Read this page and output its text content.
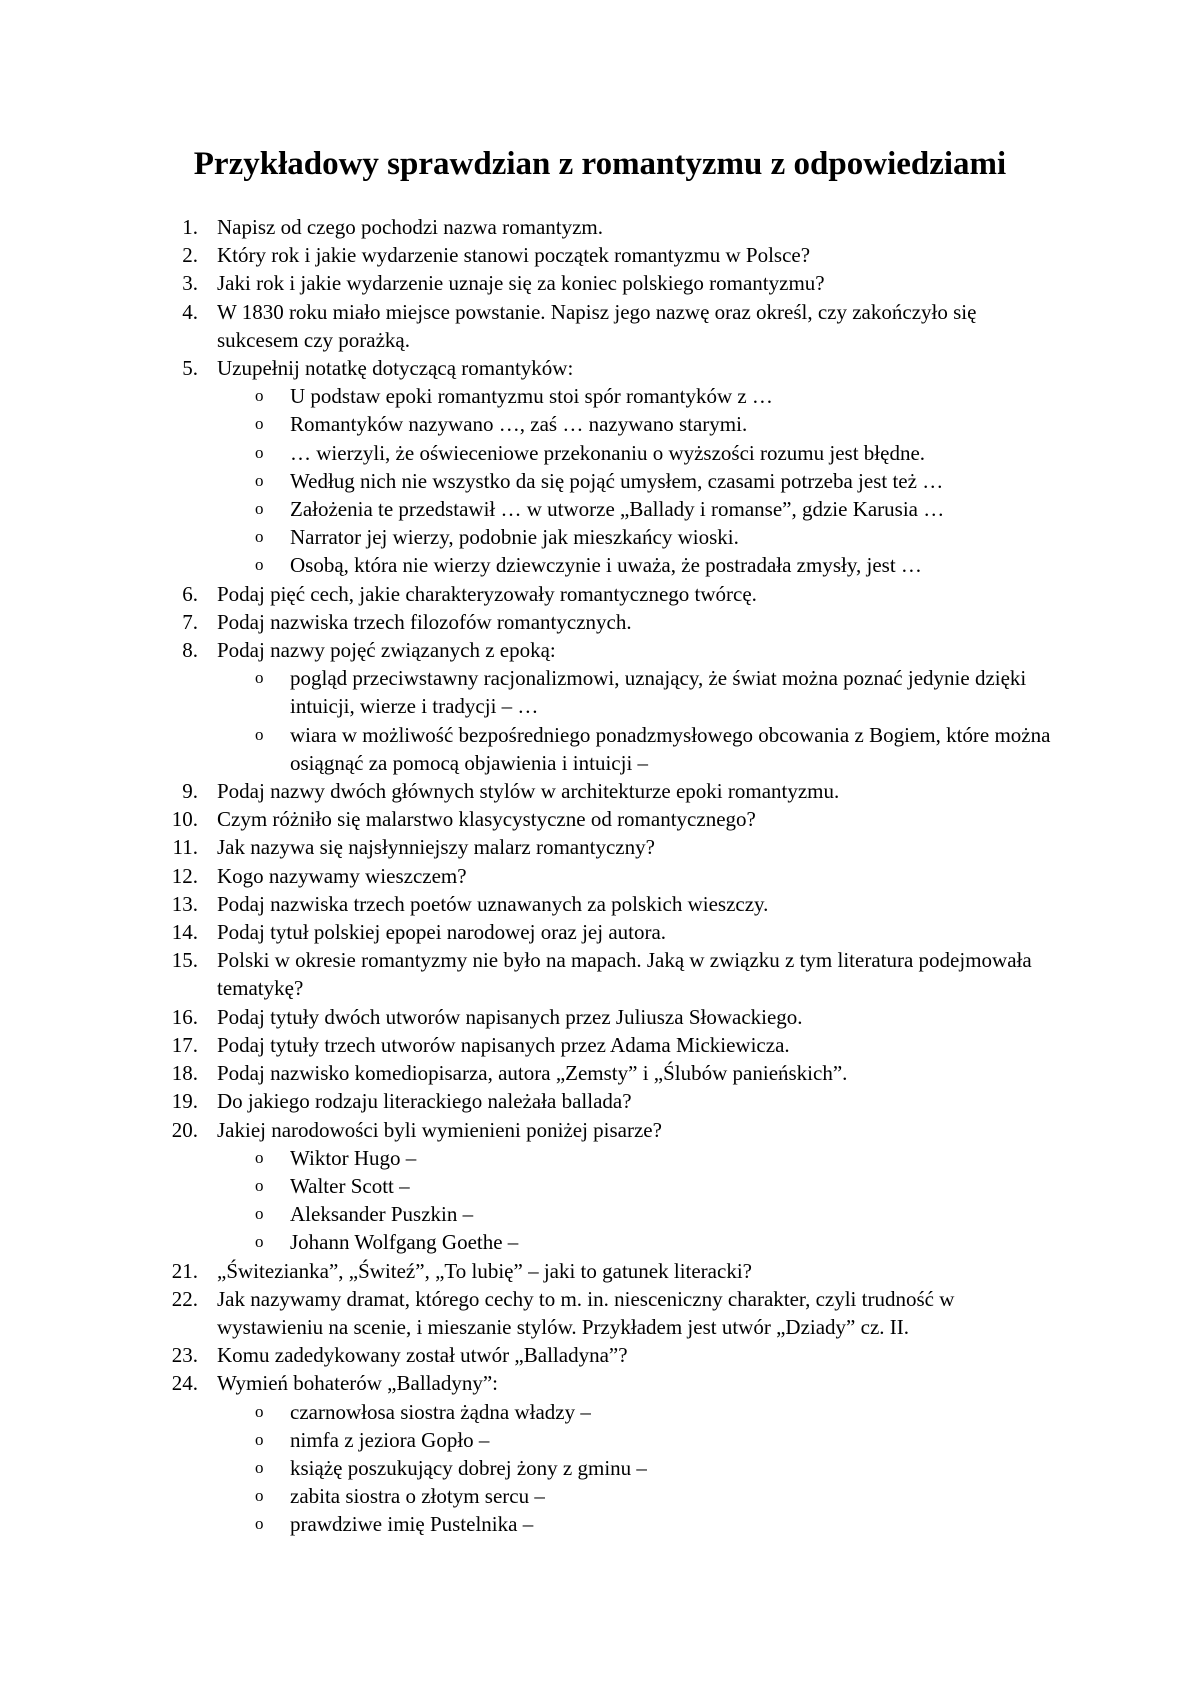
Przykładowy sprawdzian z romantyzmu z odpowiedziami
1. Napisz od czego pochodzi nazwa romantyzm.
2. Który rok i jakie wydarzenie stanowi początek romantyzmu w Polsce?
3. Jaki rok i jakie wydarzenie uznaje się za koniec polskiego romantyzmu?
4. W 1830 roku miało miejsce powstanie. Napisz jego nazwę oraz określ, czy zakończyło się sukcesem czy porażką.
5. Uzupełnij notatkę dotyczącą romantyków:
o U podstaw epoki romantyzmu stoi spór romantyków z …
o Romantyków nazywano …, zaś … nazywano starymi.
o … wierzyli, że oświeceniowe przekonaniu o wyższości rozumu jest błędne.
o Według nich nie wszystko da się pojąć umysłem, czasami potrzeba jest też …
o Założenia te przedstawił … w utworze „Ballady i romanse”, gdzie Karusia …
o Narrator jej wierzy, podobnie jak mieszkańcy wioski.
o Osobą, która nie wierzy dziewczynie i uważa, że postradała zmysły, jest …
6. Podaj pięć cech, jakie charakteryzowały romantycznego twórcę.
7. Podaj nazwiska trzech filozofów romantycznych.
8. Podaj nazwy pojęć związanych z epoką:
o pogląd przeciwstawny racjonalizmowi, uznający, że świat można poznać jedynie dzięki intuicji, wierze i tradycji – …
o wiara w możliwość bezpośredniego ponadzmysłowego obcowania z Bogiem, które można osiągnąć za pomocą objawienia i intuicji –
9. Podaj nazwy dwóch głównych stylów w architekturze epoki romantyzmu.
10. Czym różniło się malarstwo klasycystyczne od romantycznego?
11. Jak nazywa się najsłynniejszy malarz romantyczny?
12. Kogo nazywamy wieszczem?
13. Podaj nazwiska trzech poetów uznawanych za polskich wieszczy.
14. Podaj tytuł polskiej epopei narodowej oraz jej autora.
15. Polski w okresie romantyzmy nie było na mapach. Jaką w związku z tym literatura podejmowała tematykę?
16. Podaj tytuły dwóch utworów napisanych przez Juliusza Słowackiego.
17. Podaj tytuły trzech utworów napisanych przez Adama Mickiewicza.
18. Podaj nazwisko komediopisarza, autora „Zemsty” i „Ślubów panieńskich”.
19. Do jakiego rodzaju literackiego należała ballada?
20. Jakiej narodowości byli wymienieni poniżej pisarze?
o Wiktor Hugo –
o Walter Scott –
o Aleksander Puszkin –
o Johann Wolfgang Goethe –
21. „Świtezianka”, „Świteź”, „To lubię” – jaki to gatunek literacki?
22. Jak nazywamy dramat, którego cechy to m. in. niesceniczny charakter, czyli trudność w wystawieniu na scenie, i mieszanie stylów. Przykładem jest utwór „Dziady” cz. II.
23. Komu zadedykowany został utwór „Balladyna”?
24. Wymień bohaterów „Balladyny”:
o czarnowłosa siostra żądna władzy –
o nimfa z jeziora Gopło –
o książę poszukujący dobrej żony z gminu –
o zabita siostra o złotym sercu –
o prawdziwe imię Pustelnika –
